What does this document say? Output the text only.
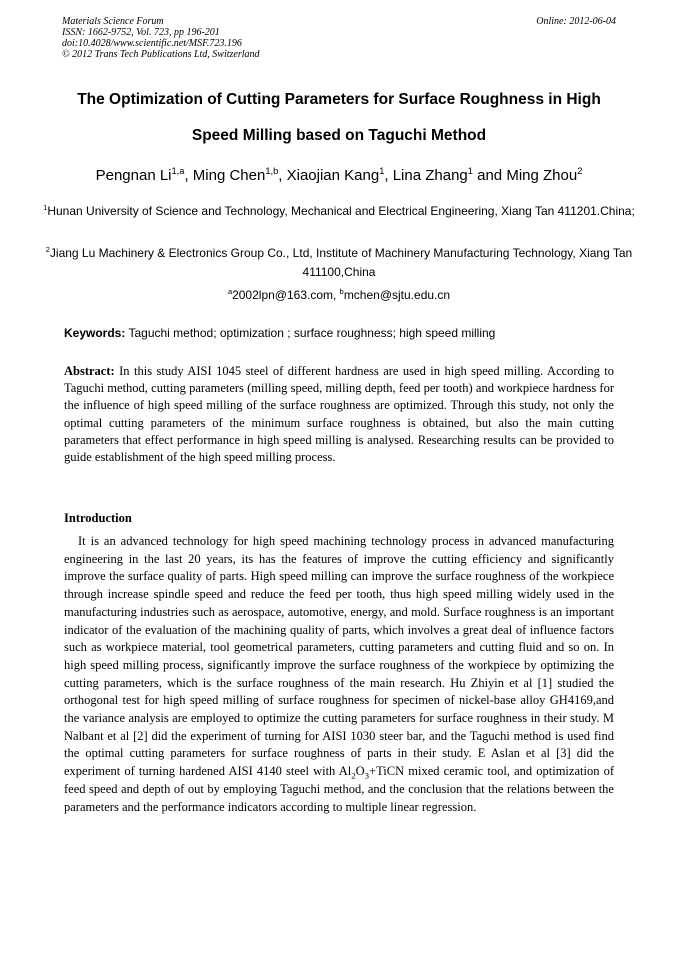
Materials Science Forum
ISSN: 1662-9752, Vol. 723, pp 196-201
doi:10.4028/www.scientific.net/MSF.723.196
© 2012 Trans Tech Publications Ltd, Switzerland
Online: 2012-06-04
The Optimization of Cutting Parameters for Surface Roughness in High
Speed Milling based on Taguchi Method
Pengnan Li$^{1,a}$, Ming Chen$^{1,b}$, Xiaojian Kang$^1$, Lina Zhang$^1$ and Ming Zhou$^2$
$^1$Hunan University of Science and Technology, Mechanical and Electrical Engineering, Xiang Tan 411201.China;
$^2$Jiang Lu Machinery & Electronics Group Co., Ltd, Institute of Machinery Manufacturing Technology, Xiang Tan 411100,China
$^a$2002lpn@163.com, $^b$mchen@sjtu.edu.cn
Keywords: Taguchi method; optimization ; surface roughness; high speed milling
Abstract: In this study AISI 1045 steel of different hardness are used in high speed milling. According to Taguchi method, cutting parameters (milling speed, milling depth, feed per tooth) and workpiece hardness for the influence of high speed milling of the surface roughness are optimized. Through this study, not only the optimal cutting parameters of the minimum surface roughness is obtained, but also the main cutting parameters that effect performance in high speed milling is analysed. Researching results can be provided to guide establishment of the high speed milling process.
Introduction
It is an advanced technology for high speed machining technology process in advanced manufacturing engineering in the last 20 years, its has the features of improve the cutting efficiency and significantly improve the surface quality of parts. High speed milling can improve the surface roughness of the workpiece through increase spindle speed and reduce the feed per tooth, thus high speed milling widely used in the manufacturing industries such as aerospace, automotive, energy, and mold. Surface roughness is an important indicator of the evaluation of the machining quality of parts, which involves a great deal of influence factors such as workpiece material, tool geometrical parameters, cutting parameters and cutting fluid and so on. In high speed milling process, significantly improve the surface roughness of the workpiece by optimizing the cutting parameters, which is the surface roughness of the main research. Hu Zhiyin et al [1] studied the orthogonal test for high speed milling of surface roughness for specimen of nickel-base alloy GH4169,and the variance analysis are employed to optimize the cutting parameters for surface roughness in their study. M Nalbant et al [2] did the experiment of turning for AISI 1030 steer bar, and the Taguchi method is used find the optimal cutting parameters for surface roughness of parts in their study. E Aslan et al [3] did the experiment of turning hardened AISI 4140 steel with $Al_2O_3+TiCN$ mixed ceramic tool, and optimization of feed speed and depth of out by employing Taguchi method, and the conclusion that the relations between the parameters and the performance indicators according to multiple linear regression.
